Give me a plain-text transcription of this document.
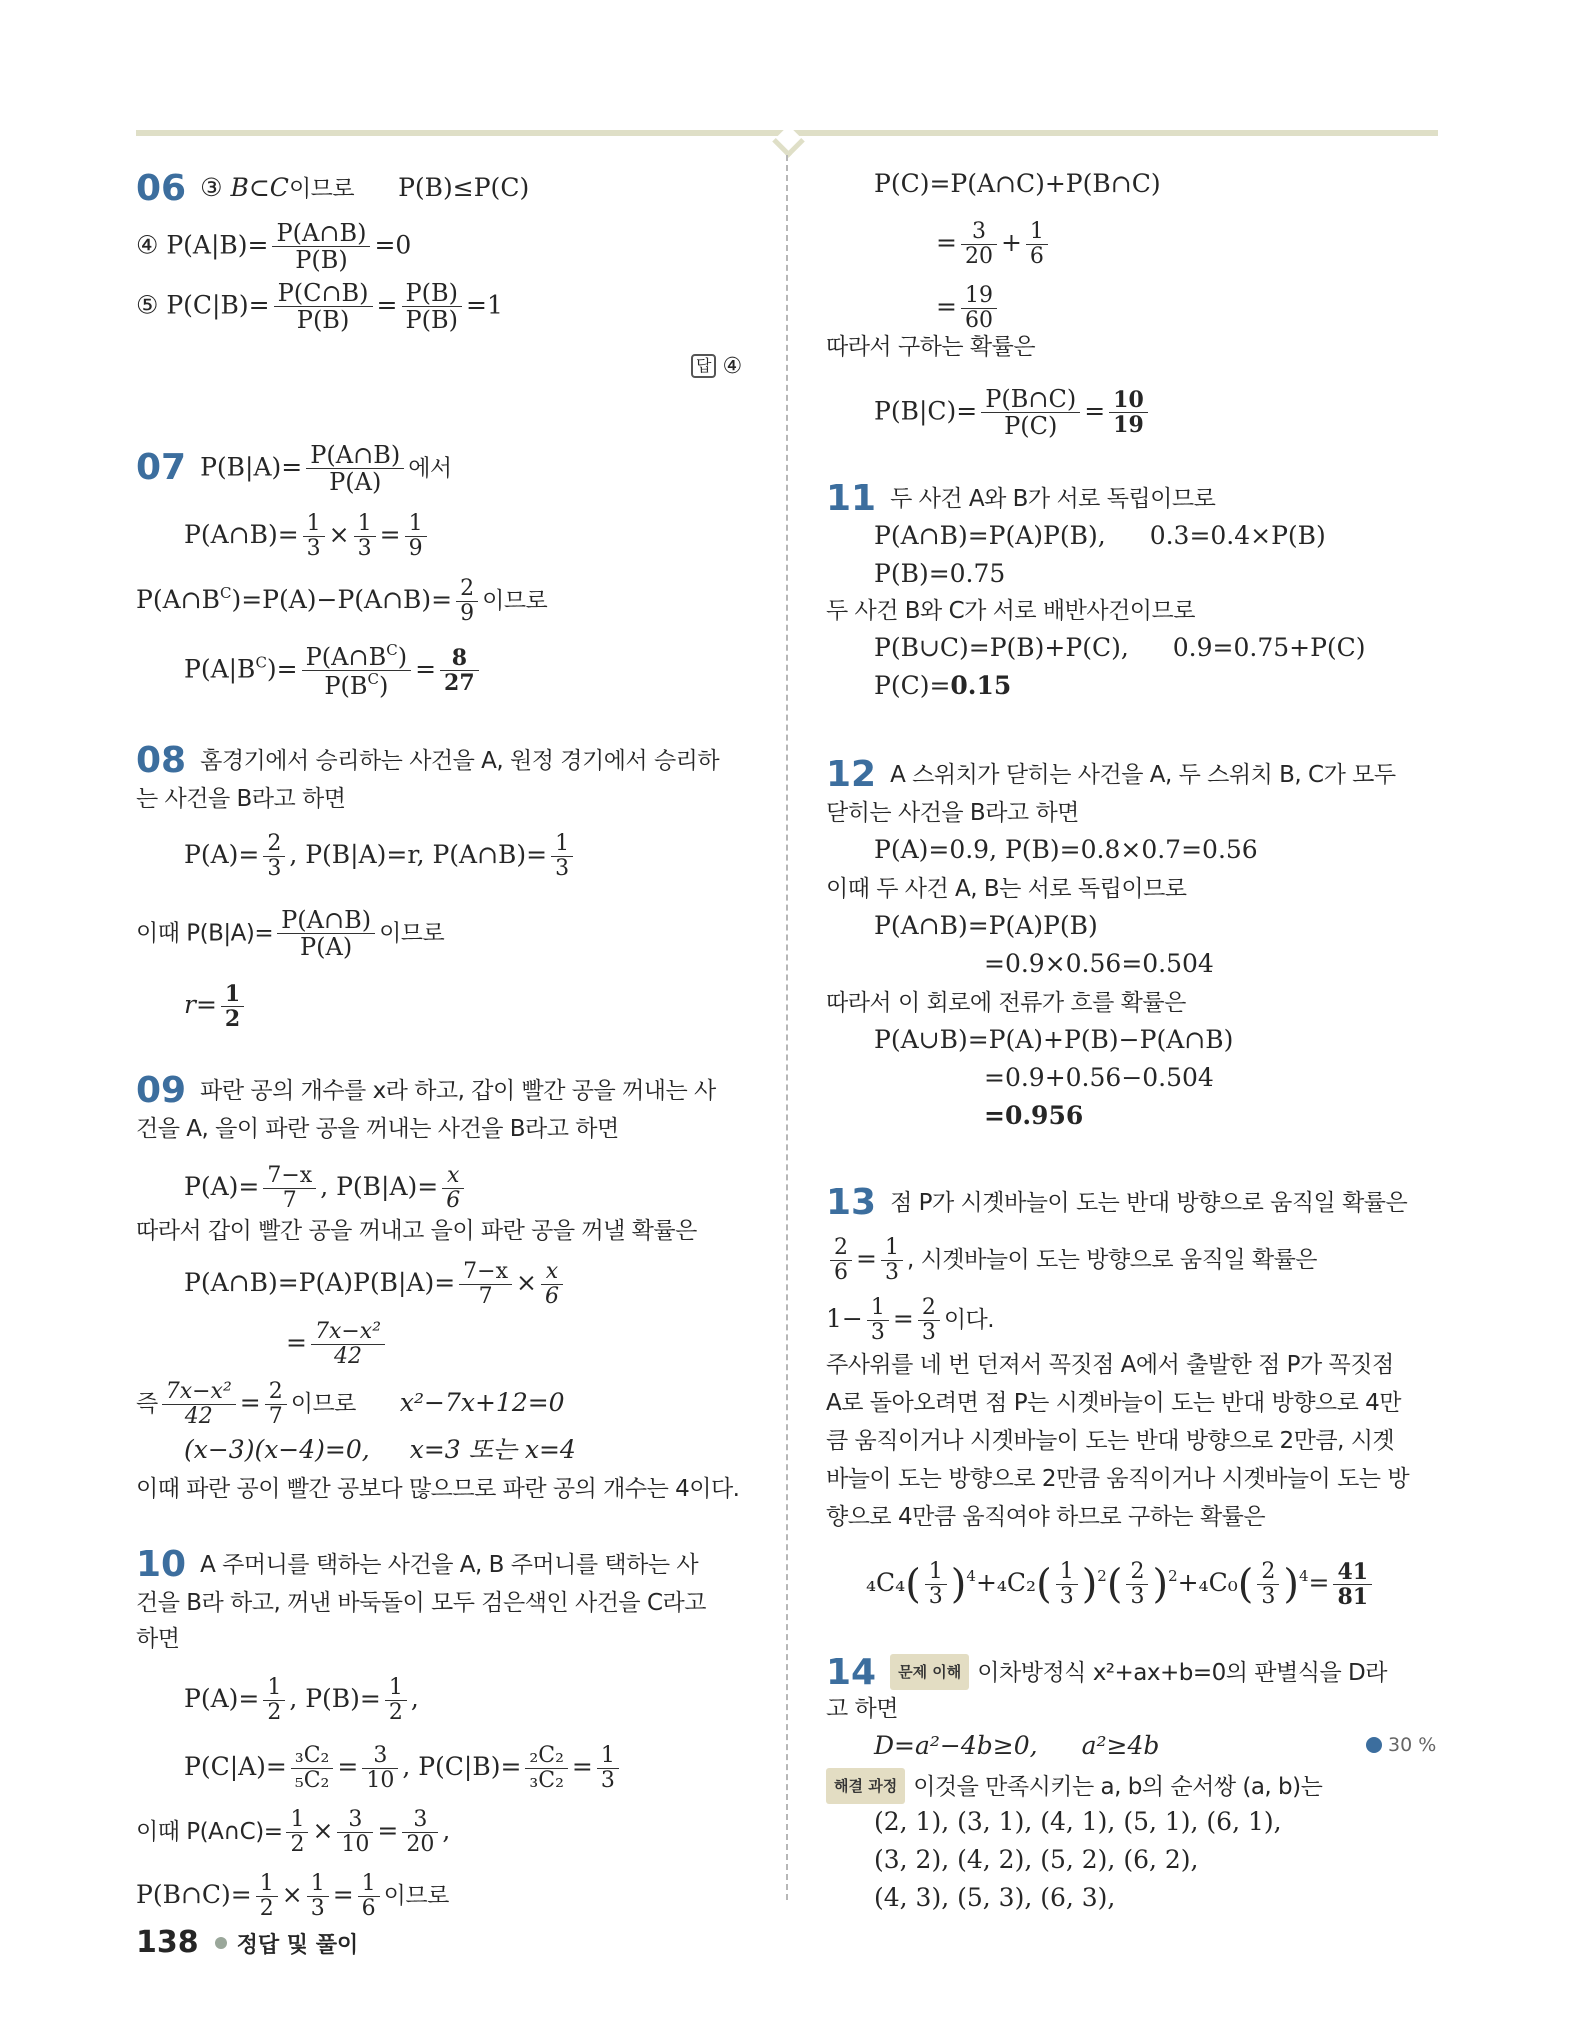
06 ③ B⊂C이므로 P(B)≤P(C)
④ $P(A|B)= \frac{P(A\cap B)}{P(B)} =0$
⑤ $P(C|B)= \frac{P(C\cap B)}{P(B)} = \frac{P(B)}{P(B)} =1$
답 ④
07 $P(B|A)= \frac{P(A\cap B)}{P(A)}$ 에서
P(A∩B)= $\frac{1}{3} \times \frac{1}{3} = \frac{1}{9}$
$P(A\cap B^C)=P(A)-P(A\cap B)= \frac{2}{9}$ 이므로
$P(A|B^C)= \frac{P(A\cap B^C)}{P(B^C)} = \frac{8}{27}$
08 홈경기에서 승리하는 사건을 A, 원정 경기에서 승리하
는 사건을 B라고 하면
$P(A)= \frac{2}{3}$ , P(B|A)=r, P(A∩B)= $\frac{1}{3}$
이때 $P(B|A)= \frac{P(A\cap B)}{P(A)}$ 이므로
$r= \frac{1}{2}$
09 파란 공의 개수를 x라 하고, 갑이 빨간 공을 꺼내는 사
건을 A, 을이 파란 공을 꺼내는 사건을 B라고 하면
$P(A)= \frac{7-x}{7}$ , $P(B|A)= \frac{x}{6}$
따라서 갑이 빨간 공을 꺼내고 을이 파란 공을 꺼낼 확률은
P(A∩B)=P(A)P(B|A)= $\frac{7-x}{7} \times \frac{x}{6}$
= $\frac{\text{7x−x²}}{42}$
즉 $\frac{\text{7x−x²}}{42} = \frac{2}{7}$ 이므로 x²−7x+12=0
(x−3)(x−4)=0, x=3 또는 x=4
이때 파란 공이 빨간 공보다 많으므로 파란 공의 개수는 4이다.
10 A 주머니를 택하는 사건을 A, B 주머니를 택하는 사
건을 B라 하고, 꺼낸 바둑돌이 모두 검은색인 사건을 C라고
하면
$P(A)= \frac{1}{2}$ , $P(B)= \frac{1}{2}$ ,
$P(C|A)= \frac{\text{₃C₂}}{\text{₅C₂}} = \frac{3}{10}$ , $P(C|B)= \frac{\text{₂C₂}}{\text{₃C₂}} = \frac{1}{3}$
이때 P(A∩C)= $\frac{1}{2} \times \frac{3}{10} = \frac{3}{20}$ ,
P(B∩C)= $\frac{1}{2} \times \frac{1}{3} = \frac{1}{6}$ 이므로
P(C)=P(A∩C)+P(B∩C)
= $\frac{3}{20} + \frac{1}{6}$
= $\frac{19}{60}$
따라서 구하는 확률은
$P(B|C)= \frac{P(B\cap C)}{P(C)} = \frac{10}{19}$
11 두 사건 A와 B가 서로 독립이므로
P(A∩B)=P(A)P(B), 0.3=0.4×P(B)
P(B)=0.75
두 사건 B와 C가 서로 배반사건이므로
P(B∪C)=P(B)+P(C), 0.9=0.75+P(C)
P(C)=0.15
12 A 스위치가 닫히는 사건을 A, 두 스위치 B, C가 모두
닫히는 사건을 B라고 하면
P(A)=0.9, P(B)=0.8×0.7=0.56
이때 두 사건 A, B는 서로 독립이므로
P(A∩B)=P(A)P(B)
=0.9×0.56=0.504
따라서 이 회로에 전류가 흐를 확률은
P(A∪B)=P(A)+P(B)−P(A∩B)
=0.9+0.56−0.504
=0.956
13 점 P가 시곗바늘이 도는 반대 방향으로 움직일 확률은
$\frac{2}{6} = \frac{1}{3}$ , 시곗바늘이 도는 방향으로 움직일 확률은
$1- \frac{1}{3} = \frac{2}{3}$ 이다.
주사위를 네 번 던져서 꼭짓점 A에서 출발한 점 P가 꼭짓점
A로 돌아오려면 점 P는 시곗바늘이 도는 반대 방향으로 4만
큼 움직이거나 시곗바늘이 도는 반대 방향으로 2만큼, 시곗
바늘이 도는 방향으로 2만큼 움직이거나 시곗바늘이 도는 방
향으로 4만큼 움직여야 하므로 구하는 확률은
$_4C_4( \frac{1}{3} )^4+_4C_2( \frac{1}{3} )^2( \frac{2}{3} )^2+_4C_0( \frac{2}{3} )^4= \frac{41}{81}$
14 문제 이해 이차방정식 x²+ax+b=0의 판별식을 D라
고 하면
D=a²−4b≥0, a²≥4b	30 %
해결 과정 이것을 만족시키는 a, b의 순서쌍 (a, b)는
(2, 1), (3, 1), (4, 1), (5, 1), (6, 1),
(3, 2), (4, 2), (5, 2), (6, 2),
(4, 3), (5, 3), (6, 3),
138 정답 및 풀이
